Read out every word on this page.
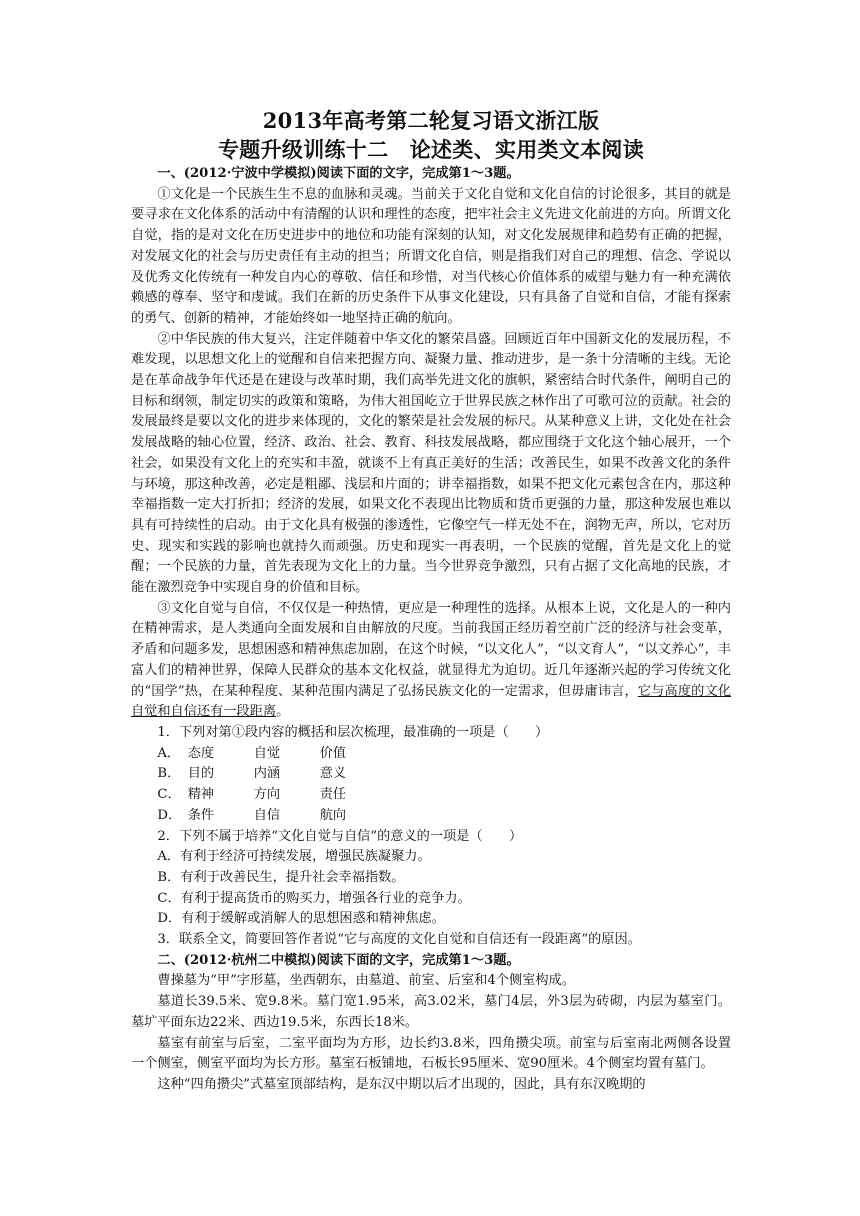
2013年高考第二轮复习语文浙江版
专题升级训练十二　论述类、实用类文本阅读

一、(2012·宁波中学模拟)阅读下面的文字，完成第1～3题。

①文化是一个民族生生不息的血脉和灵魂。当前关于文化自觉和文化自信的讨论很多，其目的就是要寻求在文化体系的活动中有清醒的认识和理性的态度，把牢社会主义先进文化前进的方向。所谓文化自觉，指的是对文化在历史进步中的地位和功能有深刻的认知，对文化发展规律和趋势有正确的把握，对发展文化的社会与历史责任有主动的担当；所谓文化自信，则是指我们对自己的理想、信念、学说以及优秀文化传统有一种发自内心的尊敬、信任和珍惜，对当代核心价值体系的威望与魅力有一种充满依赖感的尊奉、坚守和虔诚。我们在新的历史条件下从事文化建设，只有具备了自觉和自信，才能有探索的勇气、创新的精神，才能始终如一地坚持正确的航向。

②中华民族的伟大复兴，注定伴随着中华文化的繁荣昌盛。回顾近百年中国新文化的发展历程，不难发现，以思想文化上的觉醒和自信来把握方向、凝聚力量、推动进步，是一条十分清晰的主线。无论是在革命战争年代还是在建设与改革时期，我们高举先进文化的旗帜，紧密结合时代条件，阐明自己的目标和纲领，制定切实的政策和策略，为伟大祖国屹立于世界民族之林作出了可歌可泣的贡献。社会的发展最终是要以文化的进步来体现的，文化的繁荣是社会发展的标尺。从某种意义上讲，文化处在社会发展战略的轴心位置，经济、政治、社会、教育、科技发展战略，都应围绕于文化这个轴心展开，一个社会，如果没有文化上的充实和丰盈，就谈不上有真正美好的生活；改善民生，如果不改善文化的条件与环境，那这种改善，必定是粗鄙、浅层和片面的；讲幸福指数，如果不把文化元素包含在内，那这种幸福指数一定大打折扣；经济的发展，如果文化不表现出比物质和货币更强的力量，那这种发展也难以具有可持续性的启动。由于文化具有极强的渗透性，它像空气一样无处不在，润物无声，所以，它对历史、现实和实践的影响也就持久而顽强。历史和现实一再表明，一个民族的觉醒，首先是文化上的觉醒；一个民族的力量，首先表现为文化上的力量。当今世界竞争激烈，只有占据了文化高地的民族，才能在激烈竞争中实现自身的价值和目标。

③文化自觉与自信，不仅仅是一种热情，更应是一种理性的选择。从根本上说，文化是人的一种内在精神需求，是人类通向全面发展和自由解放的尺度。当前我国正经历着空前广泛的经济与社会变革，矛盾和问题多发，思想困惑和精神焦虑加剧，在这个时候，“以文化人”，“以文育人”，“以文养心”，丰富人们的精神世界，保障人民群众的基本文化权益，就显得尤为迫切。近几年逐渐兴起的学习传统文化的“国学”热，在某种程度、某种范围内满足了弘扬民族文化的一定需求，但毋庸讳言，它与高度的文化自觉和自信还有一段距离。

1．下列对第①段内容的概括和层次梳理，最准确的一项是（　　）

A． 态度	自觉	价值
B． 目的	内涵	意义
C． 精神	方向	责任
D． 条件	自信	航向

2．下列不属于培养“文化自觉与自信”的意义的一项是（　　）

A．有利于经济可持续发展，增强民族凝聚力。

B．有利于改善民生，提升社会幸福指数。

C．有利于提高货币的购买力，增强各行业的竞争力。

D．有利于缓解或消解人的思想困惑和精神焦虑。

3．联系全文，简要回答作者说“它与高度的文化自觉和自信还有一段距离”的原因。

二、(2012·杭州二中模拟)阅读下面的文字，完成第1～3题。

曹操墓为“甲”字形墓，坐西朝东，由墓道、前室、后室和4个侧室构成。

墓道长39.5米、宽9.8米。墓门宽1.95米，高3.02米，墓门4层，外3层为砖砌，内层为墓室门。墓圹平面东边22米、西边19.5米，东西长18米。

墓室有前室与后室，二室平面均为方形，边长约3.8米，四角攒尖项。前室与后室南北两侧各设置一个侧室，侧室平面均为长方形。墓室石板铺地，石板长95厘米、宽90厘米。4个侧室均置有墓门。

这种“四角攒尖”式墓室顶部结构，是东汉中期以后才出现的，因此，具有东汉晚期的
